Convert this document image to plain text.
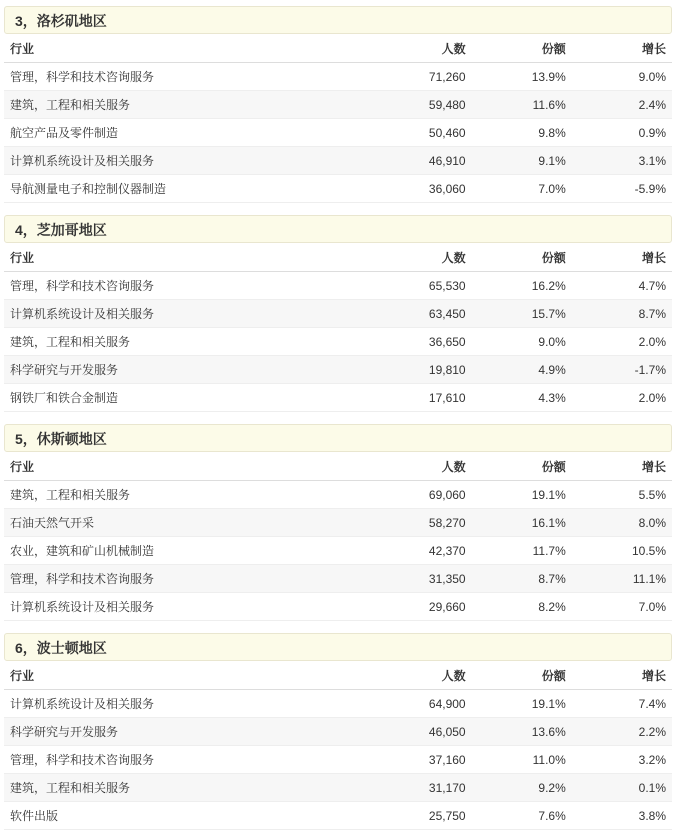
3，洛杉矶地区
行业	人数	份额	增长
管理，科学和技术咨询服务	71,260	13.9%	9.0%
建筑，工程和相关服务	59,480	11.6%	2.4%
航空产品及零件制造	50,460	9.8%	0.9%
计算机系统设计及相关服务	46,910	9.1%	3.1%
导航测量电子和控制仪器制造	36,060	7.0%	-5.9%
4，芝加哥地区
行业	人数	份额	增长
管理，科学和技术咨询服务	65,530	16.2%	4.7%
计算机系统设计及相关服务	63,450	15.7%	8.7%
建筑，工程和相关服务	36,650	9.0%	2.0%
科学研究与开发服务	19,810	4.9%	-1.7%
钢铁厂和铁合金制造	17,610	4.3%	2.0%
5，休斯顿地区
行业	人数	份额	增长
建筑，工程和相关服务	69,060	19.1%	5.5%
石油天然气开采	58,270	16.1%	8.0%
农业，建筑和矿山机械制造	42,370	11.7%	10.5%
管理，科学和技术咨询服务	31,350	8.7%	11.1%
计算机系统设计及相关服务	29,660	8.2%	7.0%
6，波士顿地区
行业	人数	份额	增长
计算机系统设计及相关服务	64,900	19.1%	7.4%
科学研究与开发服务	46,050	13.6%	2.2%
管理，科学和技术咨询服务	37,160	11.0%	3.2%
建筑，工程和相关服务	31,170	9.2%	0.1%
软件出版	25,750	7.6%	3.8%
